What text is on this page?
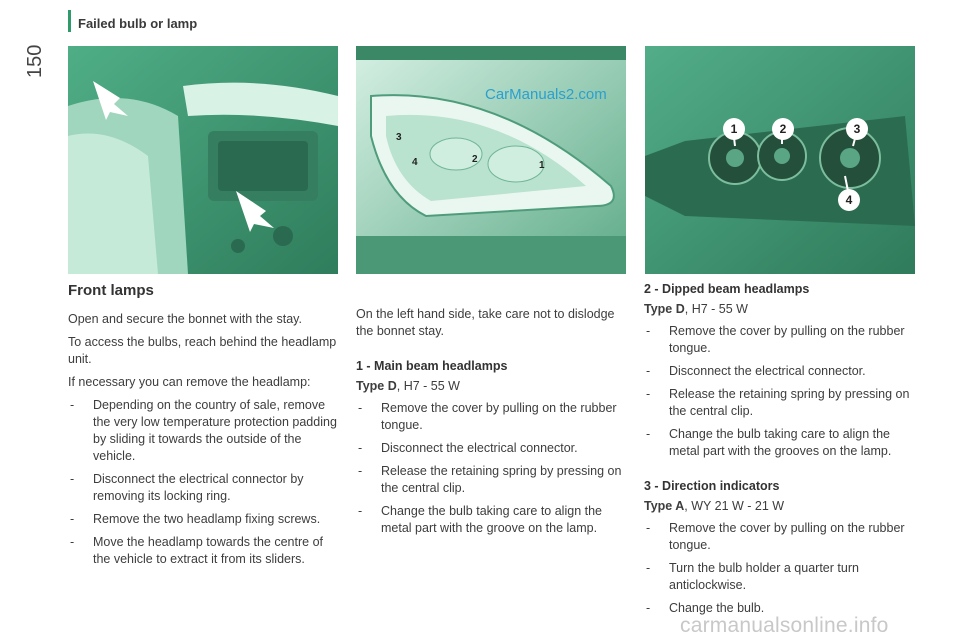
Failed bulb or lamp
150
CarManuals2.com
3
4	2
1
1	2	3
4
Front lamps

Open and secure the bonnet with the stay.

To access the bulbs, reach behind the headlamp unit.

If necessary you can remove the headlamp:

- Depending on the country of sale, remove the very low temperature protection padding by sliding it towards the outside of the vehicle.
- Disconnect the electrical connector by removing its locking ring.
- Remove the two headlamp fixing screws.
- Move the headlamp towards the centre of the vehicle to extract it from its sliders.

On the left hand side, take care not to dislodge the bonnet stay.

1 - Main beam headlamps
Type D, H7 - 55 W
- Remove the cover by pulling on the rubber tongue.
- Disconnect the electrical connector.
- Release the retaining spring by pressing on the central clip.
- Change the bulb taking care to align the metal part with the groove on the lamp.
2 - Dipped beam headlamps
Type D, H7 - 55 W
- Remove the cover by pulling on the rubber tongue.
- Disconnect the electrical connector.
- Release the retaining spring by pressing on the central clip.
- Change the bulb taking care to align the metal part with the grooves on the lamp.
3 - Direction indicators
Type A, WY 21 W - 21 W
- Remove the cover by pulling on the rubber tongue.
- Turn the bulb holder a quarter turn anticlockwise.
- Change the bulb.
carmanualsonline.info
